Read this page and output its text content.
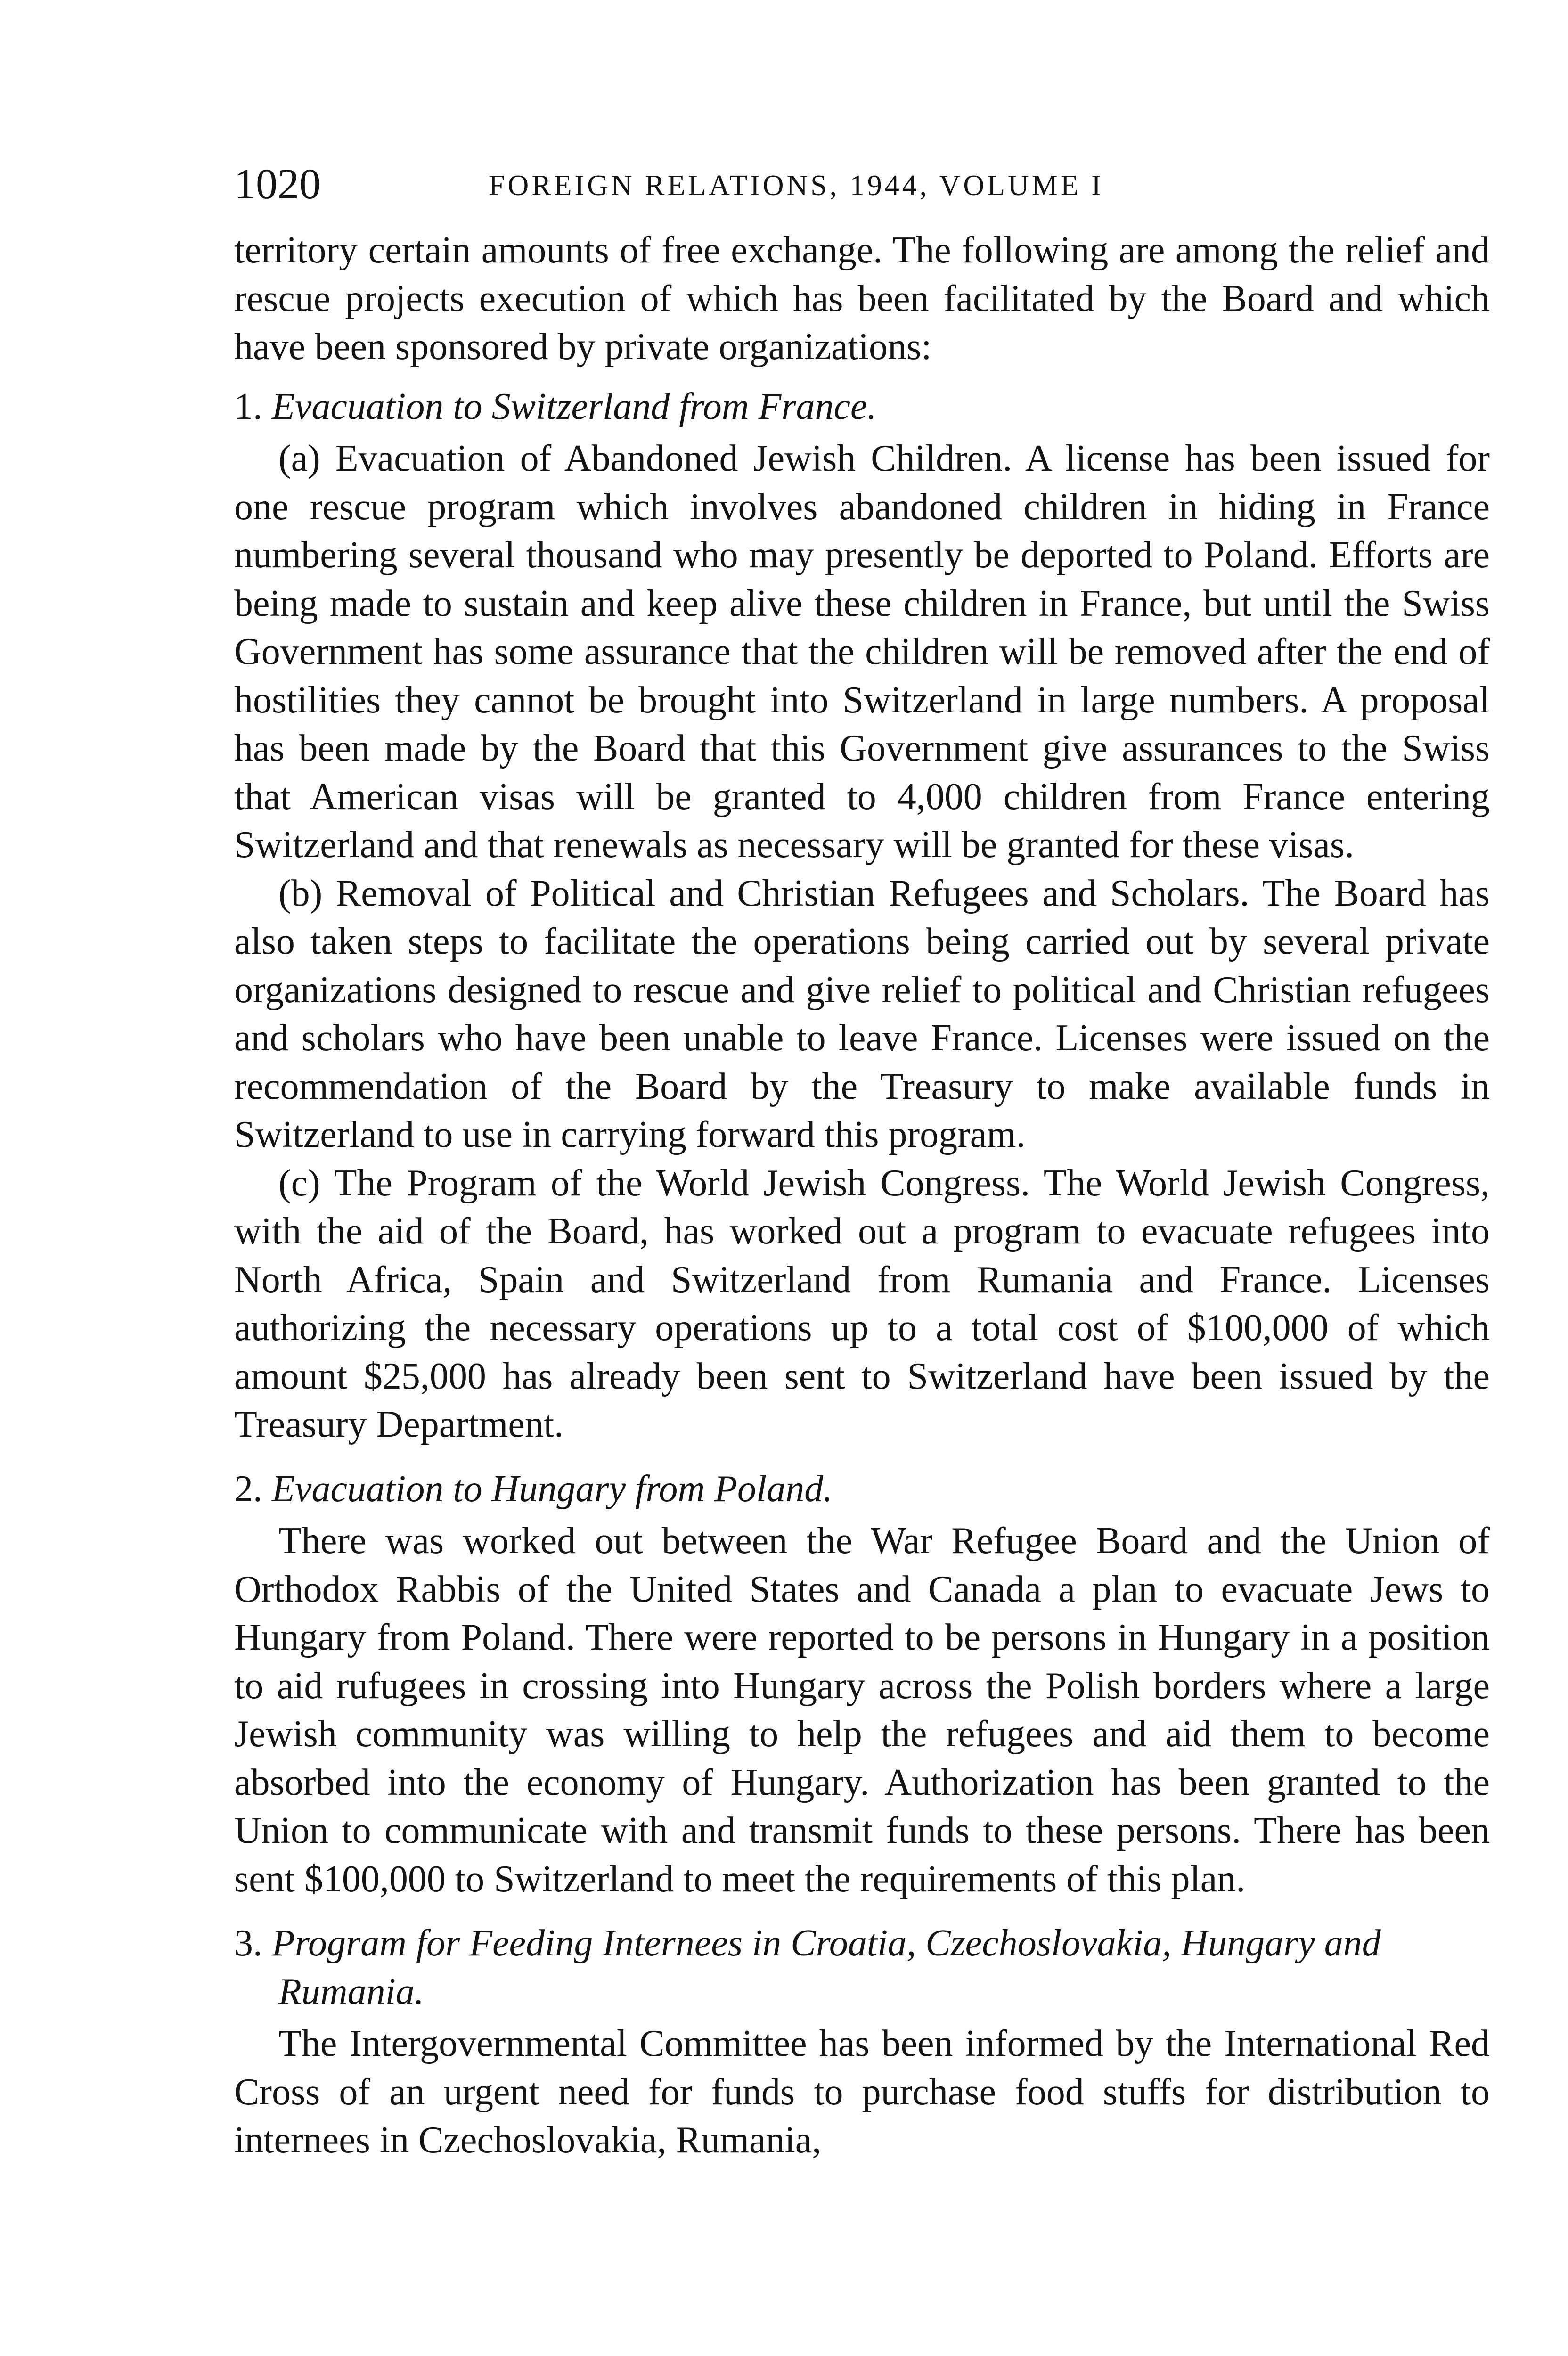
1020	FOREIGN RELATIONS, 1944, VOLUME I

territory certain amounts of free exchange. The following are among the relief and rescue projects execution of which has been facilitated by the Board and which have been sponsored by private organizations:

1. Evacuation to Switzerland from France.

(a) Evacuation of Abandoned Jewish Children. A license has been issued for one rescue program which involves abandoned children in hiding in France numbering several thousand who may presently be deported to Poland. Efforts are being made to sustain and keep alive these children in France, but until the Swiss Government has some assurance that the children will be removed after the end of hostilities they cannot be brought into Switzerland in large numbers. A proposal has been made by the Board that this Government give assurances to the Swiss that American visas will be granted to 4,000 children from France entering Switzerland and that renewals as necessary will be granted for these visas.

(b) Removal of Political and Christian Refugees and Scholars. The Board has also taken steps to facilitate the operations being carried out by several private organizations designed to rescue and give relief to political and Christian refugees and scholars who have been unable to leave France. Licenses were issued on the recommendation of the Board by the Treasury to make available funds in Switzerland to use in carrying forward this program.

(c) The Program of the World Jewish Congress. The World Jewish Congress, with the aid of the Board, has worked out a program to evacuate refugees into North Africa, Spain and Switzerland from Rumania and France. Licenses authorizing the necessary operations up to a total cost of $100,000 of which amount $25,000 has already been sent to Switzerland have been issued by the Treasury Department.

2. Evacuation to Hungary from Poland.

There was worked out between the War Refugee Board and the Union of Orthodox Rabbis of the United States and Canada a plan to evacuate Jews to Hungary from Poland. There were reported to be persons in Hungary in a position to aid rufugees in crossing into Hungary across the Polish borders where a large Jewish community was willing to help the refugees and aid them to become absorbed into the economy of Hungary. Authorization has been granted to the Union to communicate with and transmit funds to these persons. There has been sent $100,000 to Switzerland to meet the requirements of this plan.

3. Program for Feeding Internees in Croatia, Czechoslovakia, Hungary and Rumania.

The Intergovernmental Committee has been informed by the International Red Cross of an urgent need for funds to purchase food stuffs for distribution to internees in Czechoslovakia, Rumania,
